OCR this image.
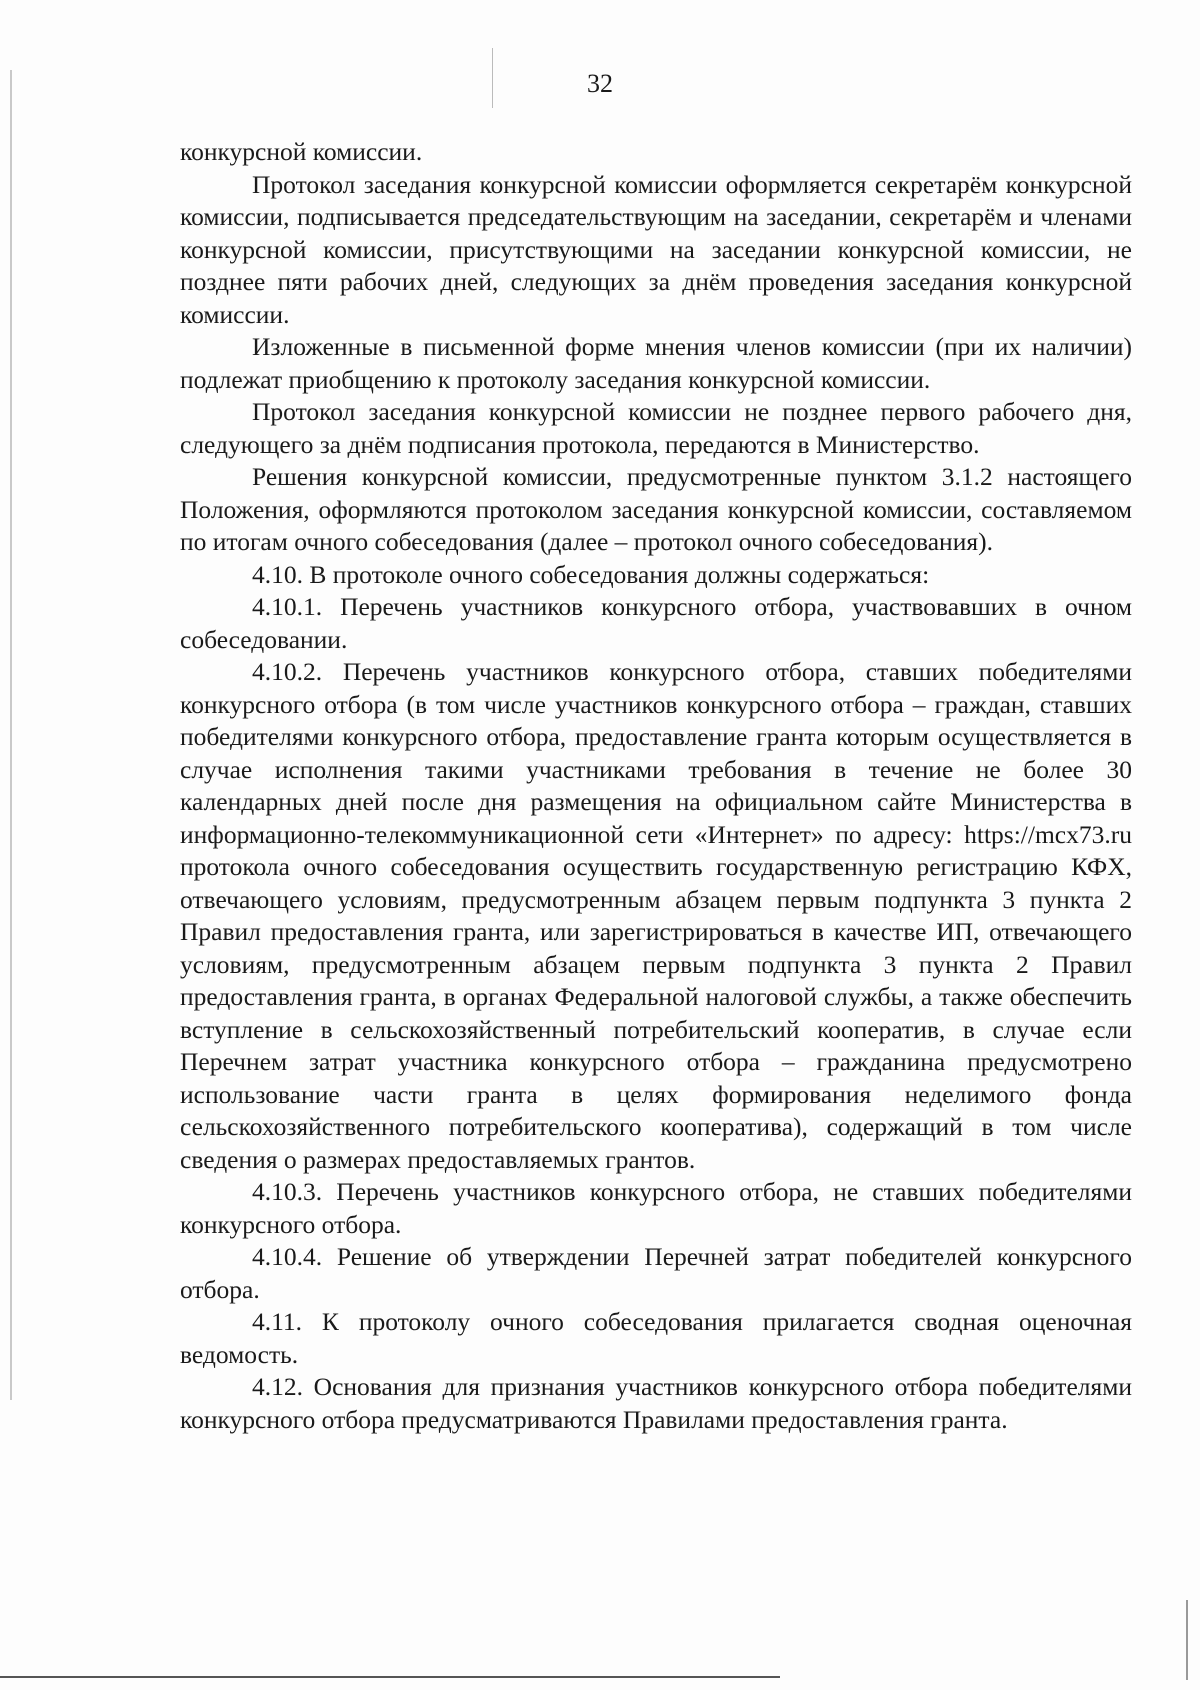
32

конкурсной комиссии.

Протокол заседания конкурсной комиссии оформляется секретарём конкурсной комиссии, подписывается председательствующим на заседании, секретарём и членами конкурсной комиссии, присутствующими на заседании конкурсной комиссии, не позднее пяти рабочих дней, следующих за днём проведения заседания конкурсной комиссии.

Изложенные в письменной форме мнения членов комиссии (при их наличии) подлежат приобщению к протоколу заседания конкурсной комиссии.

Протокол заседания конкурсной комиссии не позднее первого рабочего дня, следующего за днём подписания протокола, передаются в Министерство.

Решения конкурсной комиссии, предусмотренные пунктом 3.1.2 настоящего Положения, оформляются протоколом заседания конкурсной комиссии, составляемом по итогам очного собеседования (далее – протокол очного собеседования).

4.10. В протоколе очного собеседования должны содержаться:

4.10.1. Перечень участников конкурсного отбора, участвовавших в очном собеседовании.

4.10.2. Перечень участников конкурсного отбора, ставших победителями конкурсного отбора (в том числе участников конкурсного отбора – граждан, ставших победителями конкурсного отбора, предоставление гранта которым осуществляется в случае исполнения такими участниками требования в течение не более 30 календарных дней после дня размещения на официальном сайте Министерства в информационно-телекоммуникационной сети «Интернет» по адресу: https://mcx73.ru протокола очного собеседования осуществить государственную регистрацию КФХ, отвечающего условиям, предусмотренным абзацем первым подпункта 3 пункта 2 Правил предоставления гранта, или зарегистрироваться в качестве ИП, отвечающего условиям, предусмотренным абзацем первым подпункта 3 пункта 2 Правил предоставления гранта, в органах Федеральной налоговой службы, а также обеспечить вступление в сельскохозяйственный потребительский кооператив, в случае если Перечнем затрат участника конкурсного отбора – гражданина предусмотрено использование части гранта в целях формирования неделимого фонда сельскохозяйственного потребительского кооператива), содержащий в том числе сведения о размерах предоставляемых грантов.

4.10.3. Перечень участников конкурсного отбора, не ставших победителями конкурсного отбора.

4.10.4. Решение об утверждении Перечней затрат победителей конкурсного отбора.

4.11. К протоколу очного собеседования прилагается сводная оценочная ведомость.

4.12. Основания для признания участников конкурсного отбора победителями конкурсного отбора предусматриваются Правилами предоставления гранта.
